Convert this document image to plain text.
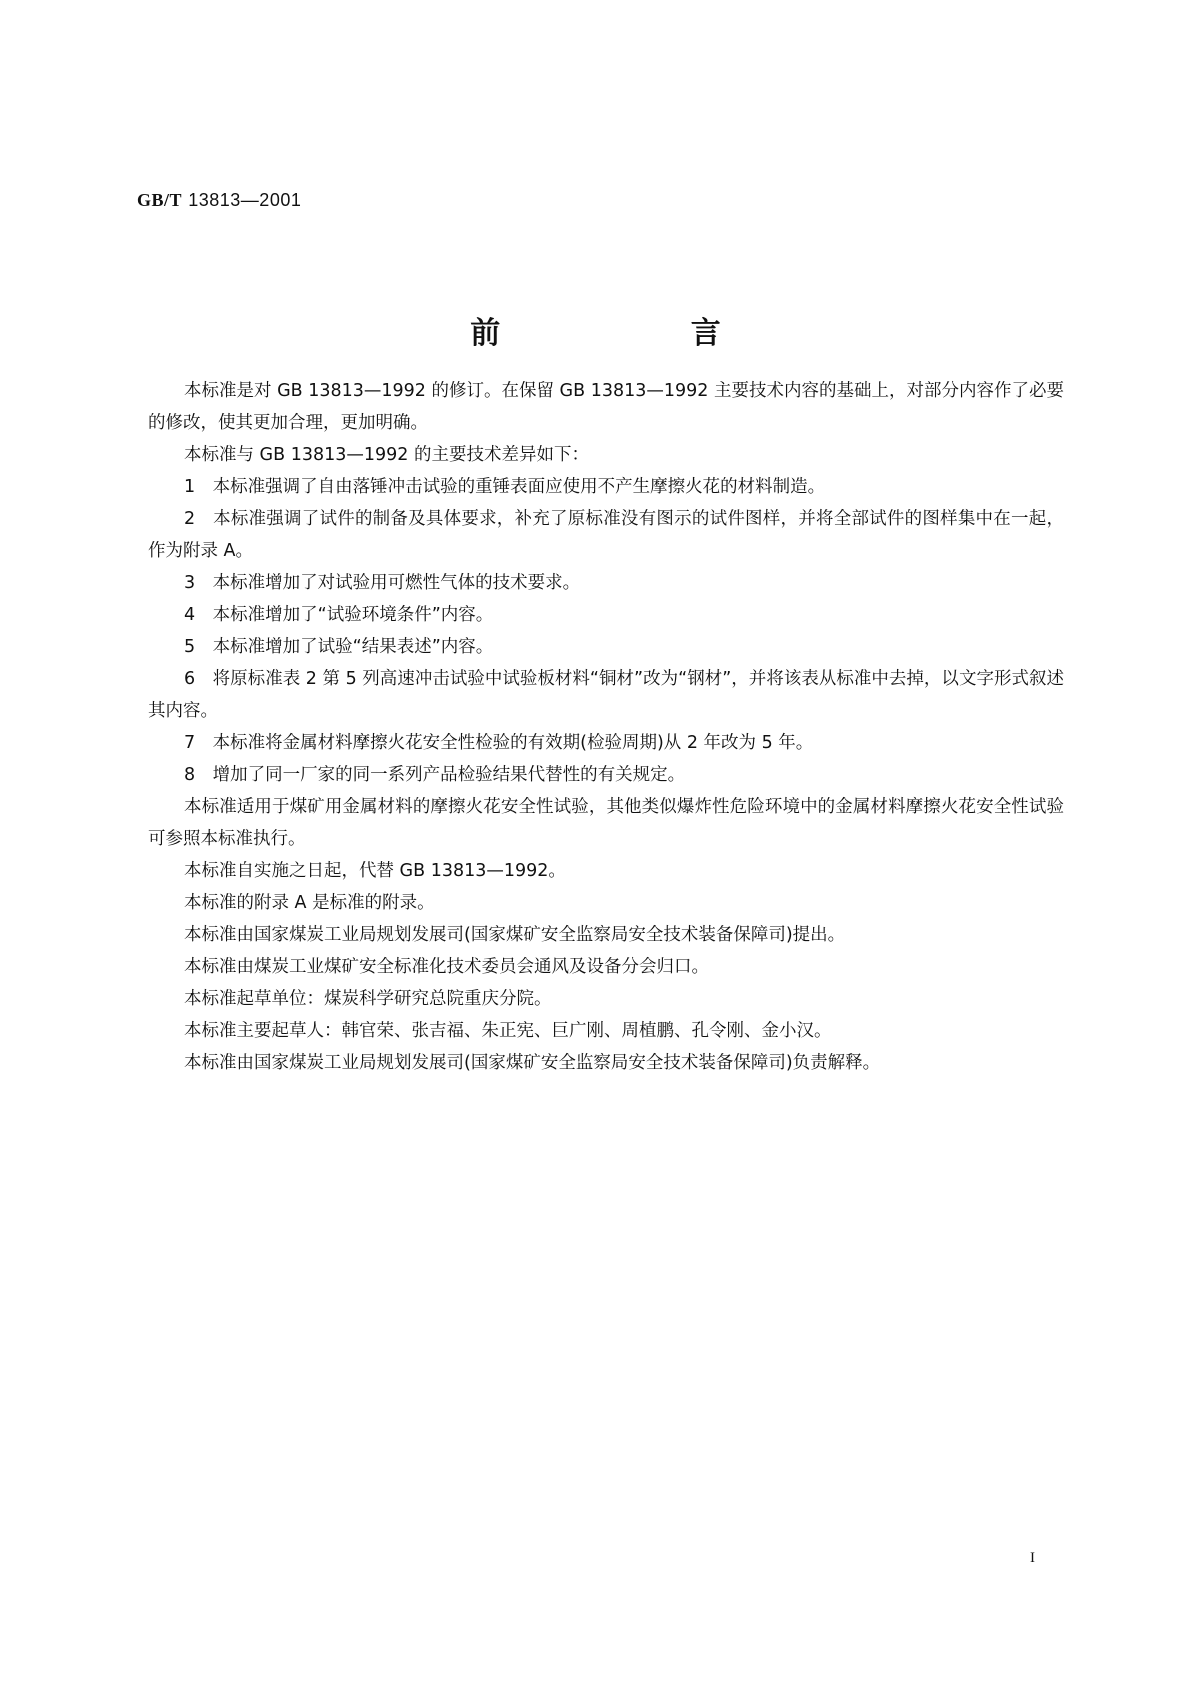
GB/T 13813—2001
前 言

本标准是对 GB 13813—1992 的修订。在保留 GB 13813—1992 主要技术内容的基础上，对部分内容作了必要的修改，使其更加合理，更加明确。

本标准与 GB 13813—1992 的主要技术差异如下：

1　本标准强调了自由落锤冲击试验的重锤表面应使用不产生摩擦火花的材料制造。

2　本标准强调了试件的制备及具体要求，补充了原标准没有图示的试件图样，并将全部试件的图样集中在一起，作为附录 A。

3　本标准增加了对试验用可燃性气体的技术要求。

4　本标准增加了“试验环境条件”内容。

5　本标准增加了试验“结果表述”内容。

6　将原标准表 2 第 5 列高速冲击试验中试验板材料“铜材”改为“钢材”，并将该表从标准中去掉，以文字形式叙述其内容。

7　本标准将金属材料摩擦火花安全性检验的有效期(检验周期)从 2 年改为 5 年。

8　增加了同一厂家的同一系列产品检验结果代替性的有关规定。

本标准适用于煤矿用金属材料的摩擦火花安全性试验，其他类似爆炸性危险环境中的金属材料摩擦火花安全性试验可参照本标准执行。

本标准自实施之日起，代替 GB 13813—1992。

本标准的附录 A 是标准的附录。

本标准由国家煤炭工业局规划发展司(国家煤矿安全监察局安全技术装备保障司)提出。

本标准由煤炭工业煤矿安全标准化技术委员会通风及设备分会归口。

本标准起草单位：煤炭科学研究总院重庆分院。

本标准主要起草人：韩官荣、张吉福、朱正宪、巨广刚、周植鹏、孔令刚、金小汉。

本标准由国家煤炭工业局规划发展司(国家煤矿安全监察局安全技术装备保障司)负责解释。

I
